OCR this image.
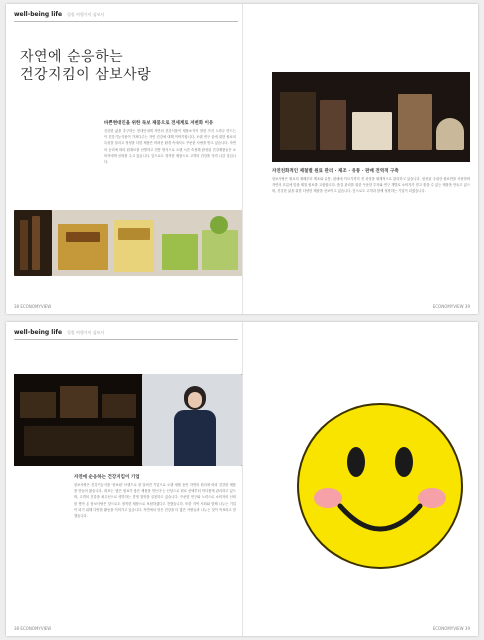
well-being life 힐링 여행가이 삼보사
자연에 순응하는
건강지킴이 삼보사랑
바쁜현대인을 위한 독보 제품으로 전세계로 저변화 이유
건강한 삶을 추구하는 현대인에게 자연의 건강식품이 제품소식이 말한 가지 노하우 만드는 이 건강기능식품이 가져다주는 자연 건강에 대해 이야기합니다. 오랜 연구 끝에 대한 원료의 특성을 살리고 정성을 다한 제품은 어려운 환경 속에서도 꾸준한 사랑을 받고 있습니다. 자연의 순리에 따라 원재료를 선별하고 전통 방식으로 오랜 시간 숙성해 완성된 건강제품들은 소비자에게 신뢰를 주고 있습니다. 앞으로도 정직한 제품으로 고객의 건강을 지켜 나갈 것입니다.
자연친화적인 제철별 원료 관리 · 제조 · 유통 · 판매 전역적 구축
삼보사랑은 원료의 재배부터 제조와 유통, 판매에 이르기까지 전 과정을 체계적으로 관리하고 있습니다. 엄선된 국내산 원료만을 사용하며 자연의 흐름에 맞춘 제철 원료를 고집합니다. 품질 관리를 위한 꾸준한 투자와 연구 개발로 소비자가 믿고 찾을 수 있는 제품을 만들고 있으며, 건강한 삶을 위한 다양한 제품을 선보이고 있습니다. 앞으로도 고객과 함께 성장하는 기업이 되겠습니다.
38 ECONOMYVIEW	ECONOMYVIEW 39
well-being life 힐링 여행가이 삼보사
자연에 순응하는 건강지킴이 기업
삼보사랑은 건강기능식품 '삼보원' 브랜드로 잘 알려진 기업으로 오랜 세월 동안 자연의 원리에 따라 건강한 제품을 만들어 왔습니다. 대표는 '좋은 원료가 좋은 제품을 만든다'는 신념으로 원료 선택부터 까다롭게 관리하고 있으며, 고객의 건강을 최우선으로 생각하는 경영 철학을 실천하고 있습니다. 꾸준한 연구와 노력으로 소비자의 신뢰를 쌓아 온 삼보사랑은 앞으로도 정직한 제품으로 보답하겠다고 전했습니다. 또한 지역 사회와 함께 나누는 기업이 되기 위해 다양한 활동을 이어가고 있습니다. 자연에서 얻은 건강을 더 많은 사람들과 나누는 것이 목표라고 말했습니다.
38 ECONOMYVIEW	ECONOMYVIEW 39
